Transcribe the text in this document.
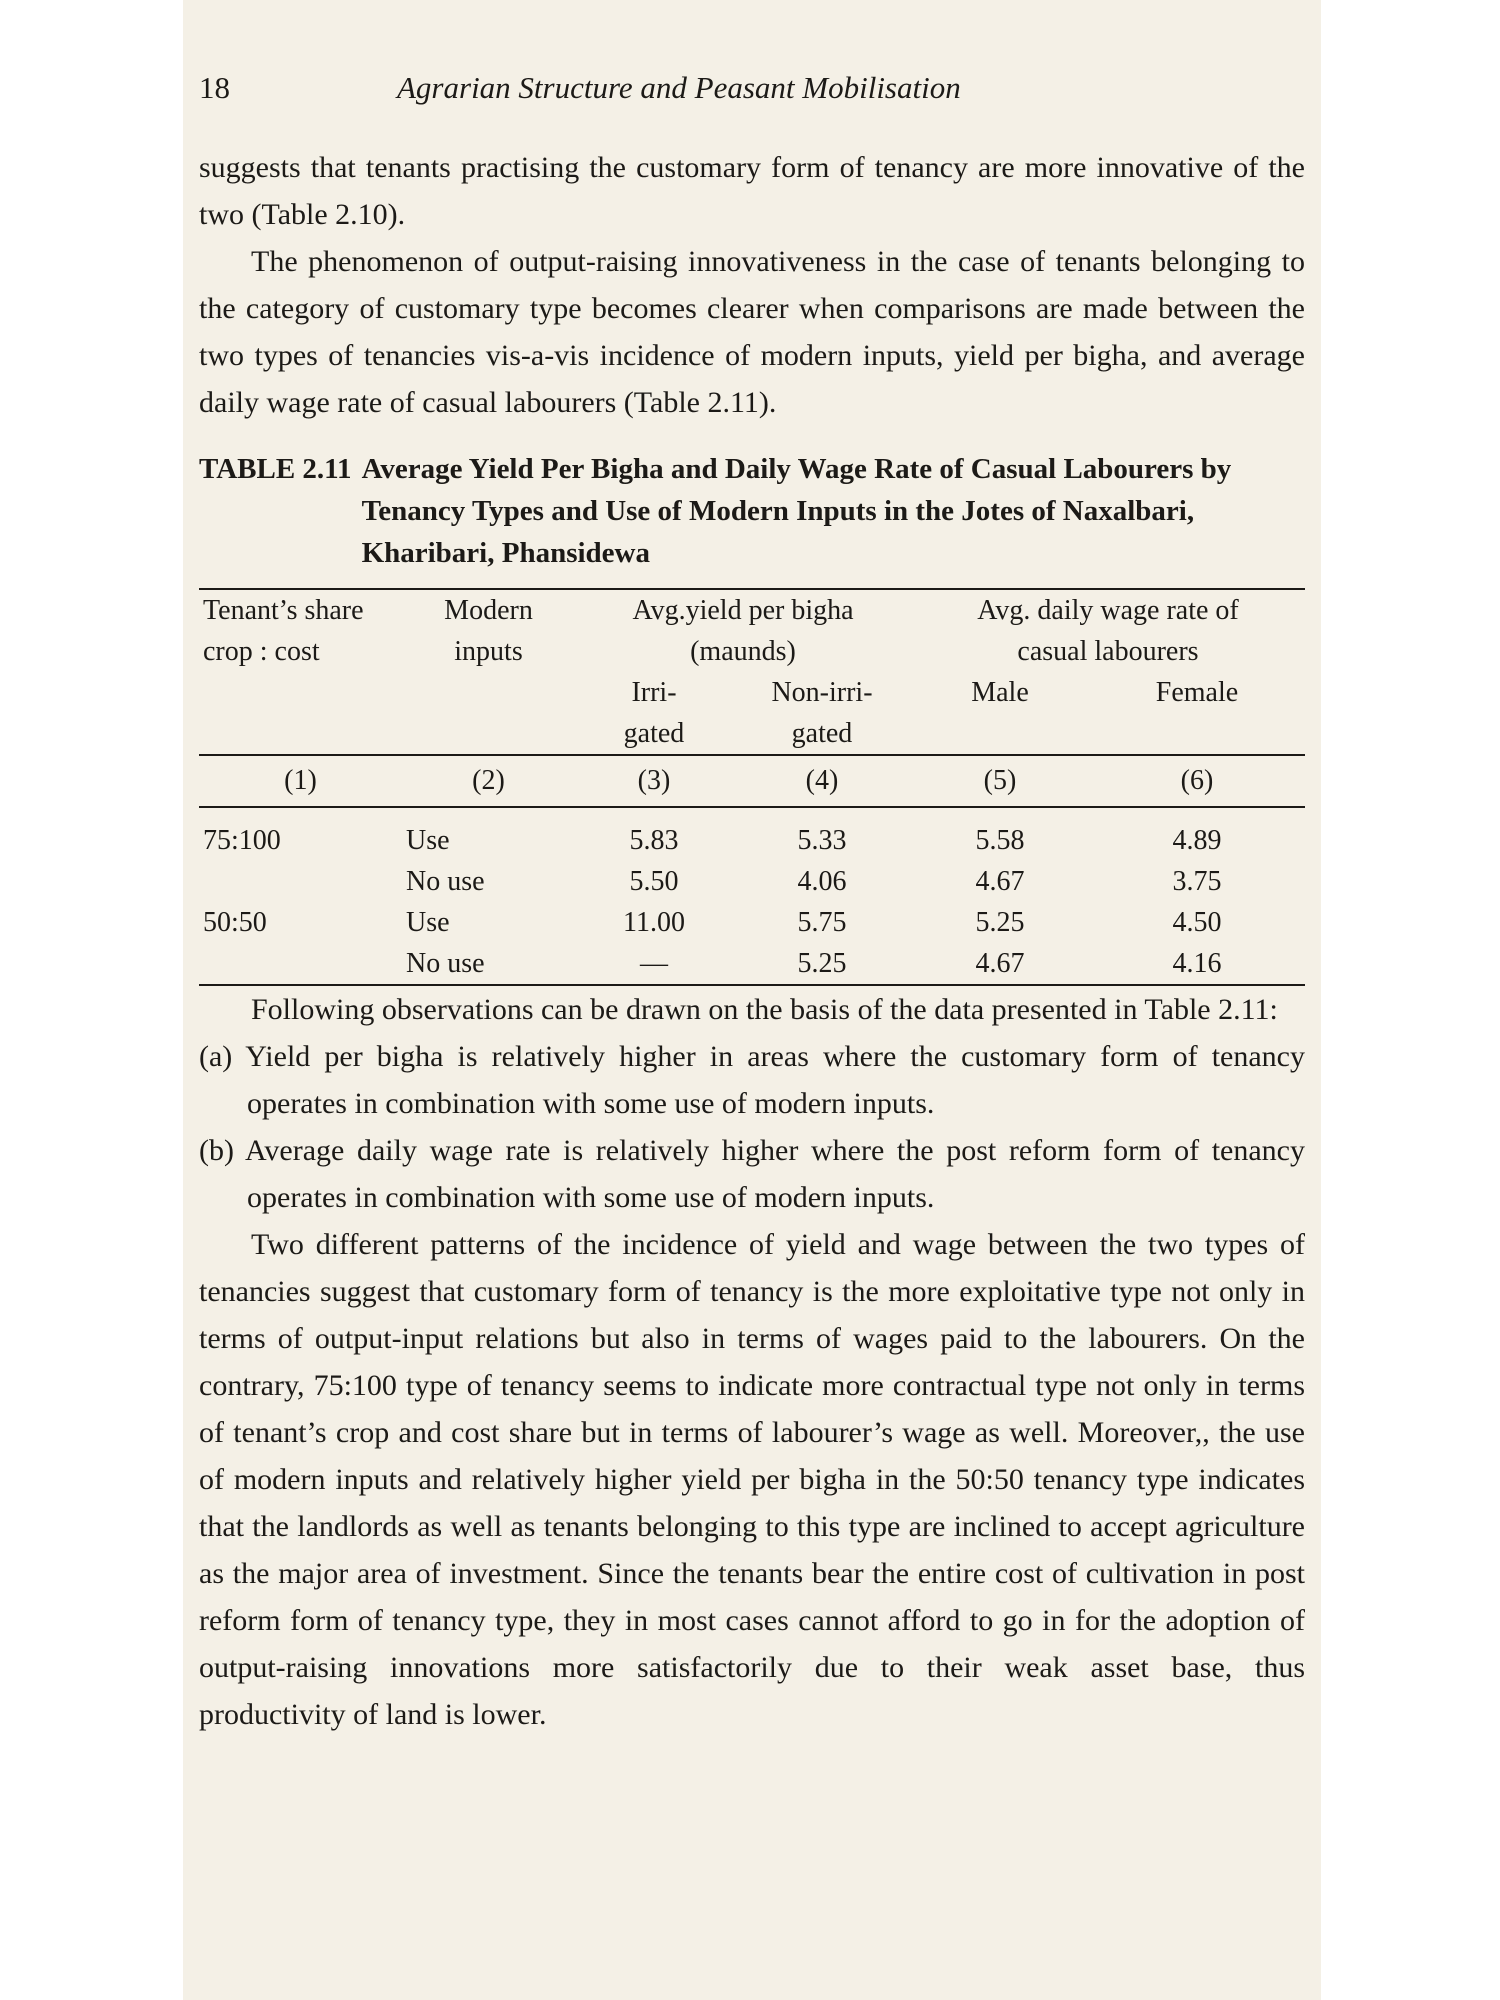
18	Agrarian Structure and Peasant Mobilisation

suggests that tenants practising the customary form of tenancy are more innovative of the two (Table 2.10).

The phenomenon of output-raising innovativeness in the case of tenants belonging to the category of customary type becomes clearer when comparisons are made between the two types of tenancies vis-a-vis incidence of modern inputs, yield per bigha, and average daily wage rate of casual labourers (Table 2.11).

TABLE 2.11 Average Yield Per Bigha and Daily Wage Rate of Casual Labourers by Tenancy Types and Use of Modern Inputs in the Jotes of Naxalbari, Kharibari, Phansidewa
Tenant’s share	Modern	Avg.yield per bigha		Avg. daily wage rate of	
crop : cost	inputs	(maunds)		casual labourers	
		Irri-	Non-irri-	Male	Female
		gated	gated		
(1)	(2)	(3)	(4)	(5)	(6)

75:100	Use	5.83	5.33	5.58	4.89
	No use	5.50	4.06	4.67	3.75
50:50	Use	11.00	5.75	5.25	4.50
	No use	—	5.25	4.67	4.16

Following observations can be drawn on the basis of the data presented in Table 2.11:

(a) Yield per bigha is relatively higher in areas where the customary form of tenancy operates in combination with some use of modern inputs.
(b) Average daily wage rate is relatively higher where the post reform form of tenancy operates in combination with some use of modern inputs.

Two different patterns of the incidence of yield and wage between the two types of tenancies suggest that customary form of tenancy is the more exploitative type not only in terms of output-input relations but also in terms of wages paid to the labourers. On the contrary, 75:100 type of tenancy seems to indicate more contractual type not only in terms of tenant’s crop and cost share but in terms of labourer’s wage as well. Moreover,, the use of modern inputs and relatively higher yield per bigha in the 50:50 tenancy type indicates that the landlords as well as tenants belonging to this type are inclined to accept agriculture as the major area of investment. Since the tenants bear the entire cost of cultivation in post reform form of tenancy type, they in most cases cannot afford to go in for the adoption of output-raising innovations more satisfactorily due to their weak asset base, thus productivity of land is lower.
